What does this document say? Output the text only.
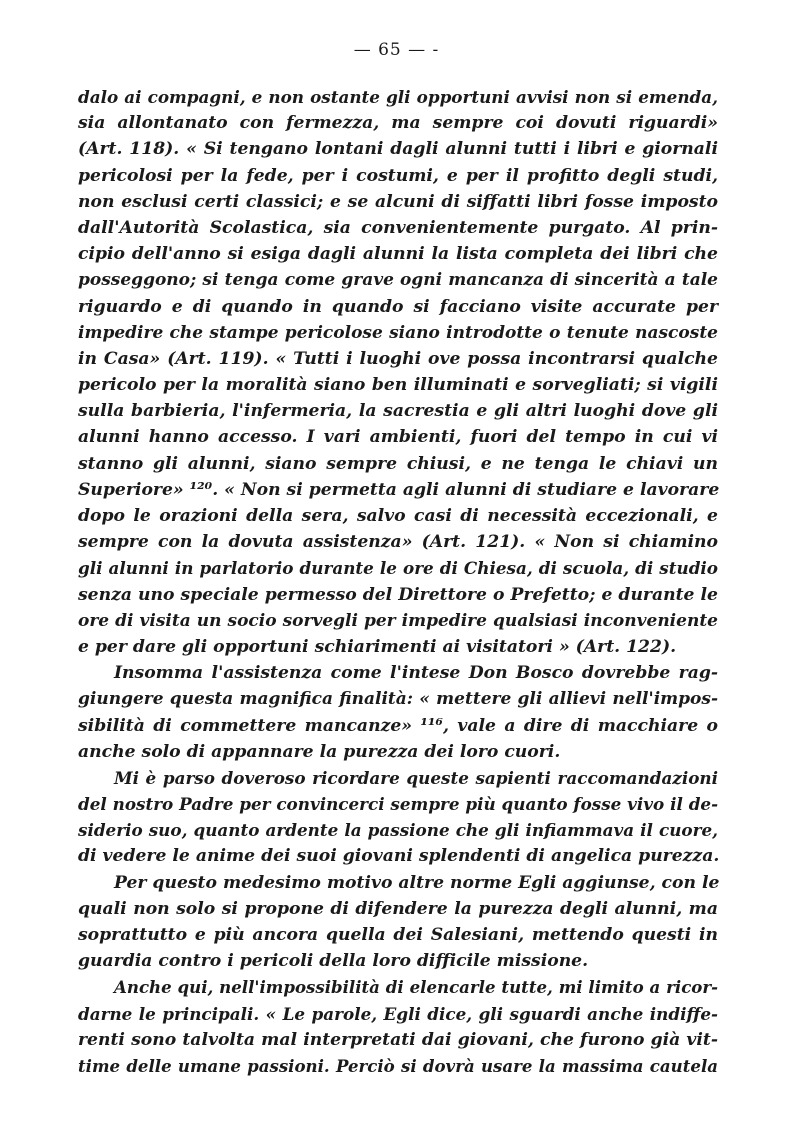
— 65 — -
dalo ai compagni, e non ostante gli opportuni avvisi non si emenda,
sia allontanato con fermezza, ma sempre coi dovuti riguardi»
(Art. 118). « Si tengano lontani dagli alunni tutti i libri e giornali
pericolosi per la fede, per i costumi, e per il profitto degli studi,
non esclusi certi classici; e se alcuni di siffatti libri fosse imposto
dall'Autorità Scolastica, sia convenientemente purgato. Al prin-
cipio dell'anno si esiga dagli alunni la lista completa dei libri che
posseggono; si tenga come grave ogni mancanza di sincerità a tale
riguardo e di quando in quando si facciano visite accurate per
impedire che stampe pericolose siano introdotte o tenute nascoste
in Casa» (Art. 119). « Tutti i luoghi ove possa incontrarsi qualche
pericolo per la moralità siano ben illuminati e sorvegliati; si vigili
sulla barbieria, l'infermeria, la sacrestia e gli altri luoghi dove gli
alunni hanno accesso. I vari ambienti, fuori del tempo in cui vi
stanno gli alunni, siano sempre chiusi, e ne tenga le chiavi un
Superiore» ¹²⁰. « Non si permetta agli alunni di studiare e lavorare
dopo le orazioni della sera, salvo casi di necessità eccezionali, e
sempre con la dovuta assistenza» (Art. 121). « Non si chiamino
gli alunni in parlatorio durante le ore di Chiesa, di scuola, di studio
senza uno speciale permesso del Direttore o Prefetto; e durante le
ore di visita un socio sorvegli per impedire qualsiasi inconveniente
e per dare gli opportuni schiarimenti ai visitatori » (Art. 122).
Insomma l'assistenza come l'intese Don Bosco dovrebbe rag-
giungere questa magnifica finalità: « mettere gli allievi nell'impos-
sibilità di commettere mancanze» ¹¹⁶, vale a dire di macchiare o
anche solo di appannare la purezza dei loro cuori.
Mi è parso doveroso ricordare queste sapienti raccomandazioni
del nostro Padre per convincerci sempre più quanto fosse vivo il de-
siderio suo, quanto ardente la passione che gli infiammava il cuore,
di vedere le anime dei suoi giovani splendenti di angelica purezza.
Per questo medesimo motivo altre norme Egli aggiunse, con le
quali non solo si propone di difendere la purezza degli alunni, ma
soprattutto e più ancora quella dei Salesiani, mettendo questi in
guardia contro i pericoli della loro difficile missione.
Anche qui, nell'impossibilità di elencarle tutte, mi limito a ricor-
darne le principali. « Le parole, Egli dice, gli sguardi anche indiffe-
renti sono talvolta mal interpretati dai giovani, che furono già vit-
time delle umane passioni. Perciò si dovrà usare la massima cautela
